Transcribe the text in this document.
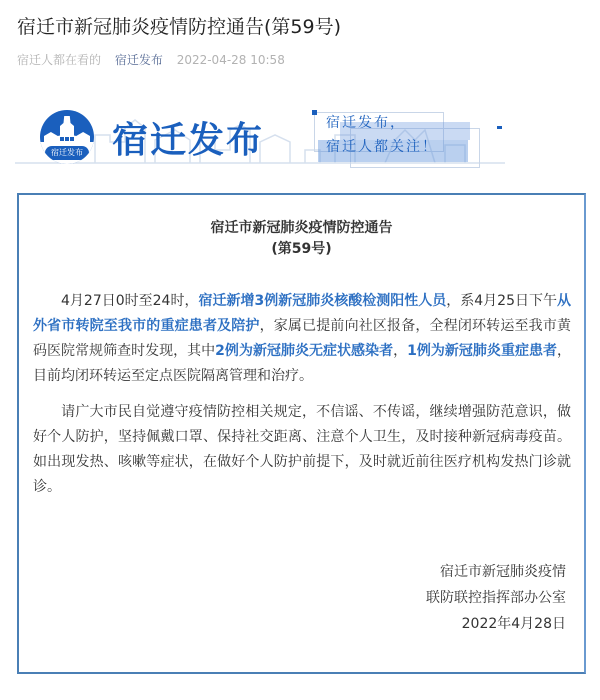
宿迁市新冠肺炎疫情防控通告(第59号)
宿迁人都在看的 宿迁发布 2022-04-28 10:58
宿迁发布 宿迁发布	宿迁发布，
宿迁人都关注！
宿迁市新冠肺炎疫情防控通告
(第59号)
4月27日0时至24时，宿迁新增3例新冠肺炎核酸检测阳性人员，系4月25日下午从外省市转院至我市的重症患者及陪护，家属已提前向社区报备，全程闭环转运至我市黄码医院常规筛查时发现，其中2例为新冠肺炎无症状感染者，1例为新冠肺炎重症患者，目前均闭环转运至定点医院隔离管理和治疗。
请广大市民自觉遵守疫情防控相关规定，不信谣、不传谣，继续增强防范意识，做好个人防护，坚持佩戴口罩、保持社交距离、注意个人卫生，及时接种新冠病毒疫苗。如出现发热、咳嗽等症状，在做好个人防护前提下，及时就近前往医疗机构发热门诊就诊。
宿迁市新冠肺炎疫情
联防联控指挥部办公室
2022年4月28日
